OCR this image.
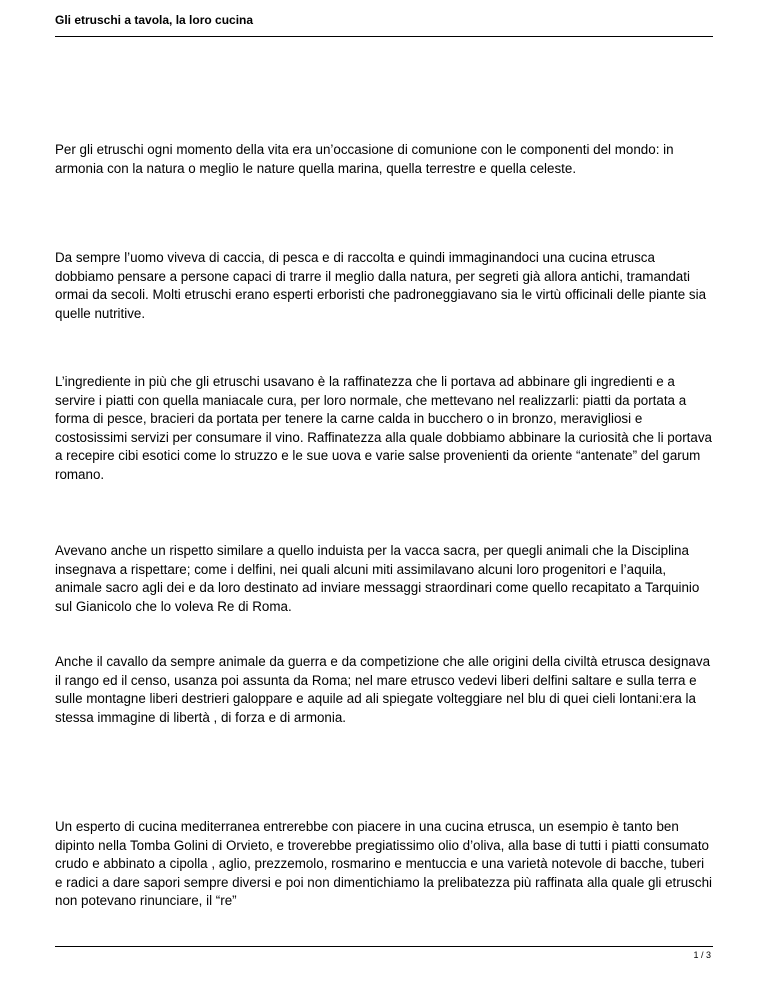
Gli etruschi a tavola, la loro cucina

Per gli etruschi ogni momento della vita era un’occasione di comunione con le componenti del mondo: in armonia con la natura o meglio le nature quella marina, quella terrestre e quella celeste.

Da sempre l’uomo viveva di caccia, di pesca e di raccolta e quindi immaginandoci una cucina etrusca dobbiamo pensare a persone capaci di trarre il meglio dalla natura, per segreti già allora antichi, tramandati ormai da secoli. Molti etruschi erano esperti erboristi che padroneggiavano sia le virtù officinali delle piante sia quelle nutritive.

L’ingrediente in più che gli etruschi usavano è la raffinatezza che li portava ad abbinare gli ingredienti e a servire i piatti con quella maniacale cura, per loro normale, che mettevano nel realizzarli: piatti da portata a forma di pesce, bracieri da portata per tenere la carne calda in bucchero o in bronzo, meravigliosi e costosissimi servizi per consumare il vino. Raffinatezza alla quale dobbiamo abbinare la curiosità che li portava a recepire cibi esotici come lo struzzo e le sue uova e varie salse provenienti da oriente “antenate” del garum romano.

Avevano anche un rispetto similare a quello induista per la vacca sacra, per quegli animali che la Disciplina insegnava a rispettare; come i delfini, nei quali alcuni miti assimilavano alcuni loro progenitori e l’aquila, animale sacro agli dei e da loro destinato ad inviare messaggi straordinari come quello recapitato a Tarquinio sul Gianicolo che lo voleva Re di Roma.

Anche il cavallo da sempre animale da guerra e da competizione che alle origini della civiltà etrusca designava il rango ed il censo, usanza poi assunta da Roma; nel mare etrusco vedevi liberi delfini saltare e sulla terra e sulle montagne liberi destrieri galoppare e aquile ad ali spiegate volteggiare nel blu di quei cieli lontani:era la stessa immagine di libertà , di forza e di armonia.

Un esperto di cucina mediterranea entrerebbe con piacere in una cucina etrusca, un esempio è tanto ben dipinto nella Tomba Golini di Orvieto, e troverebbe pregiatissimo olio d’oliva, alla base di tutti i piatti consumato crudo e abbinato a cipolla , aglio, prezzemolo, rosmarino e mentuccia e una varietà notevole di bacche, tuberi e radici a dare sapori sempre diversi e poi non dimentichiamo la prelibatezza più raffinata alla quale gli etruschi non potevano rinunciare, il “re”

1 / 3
